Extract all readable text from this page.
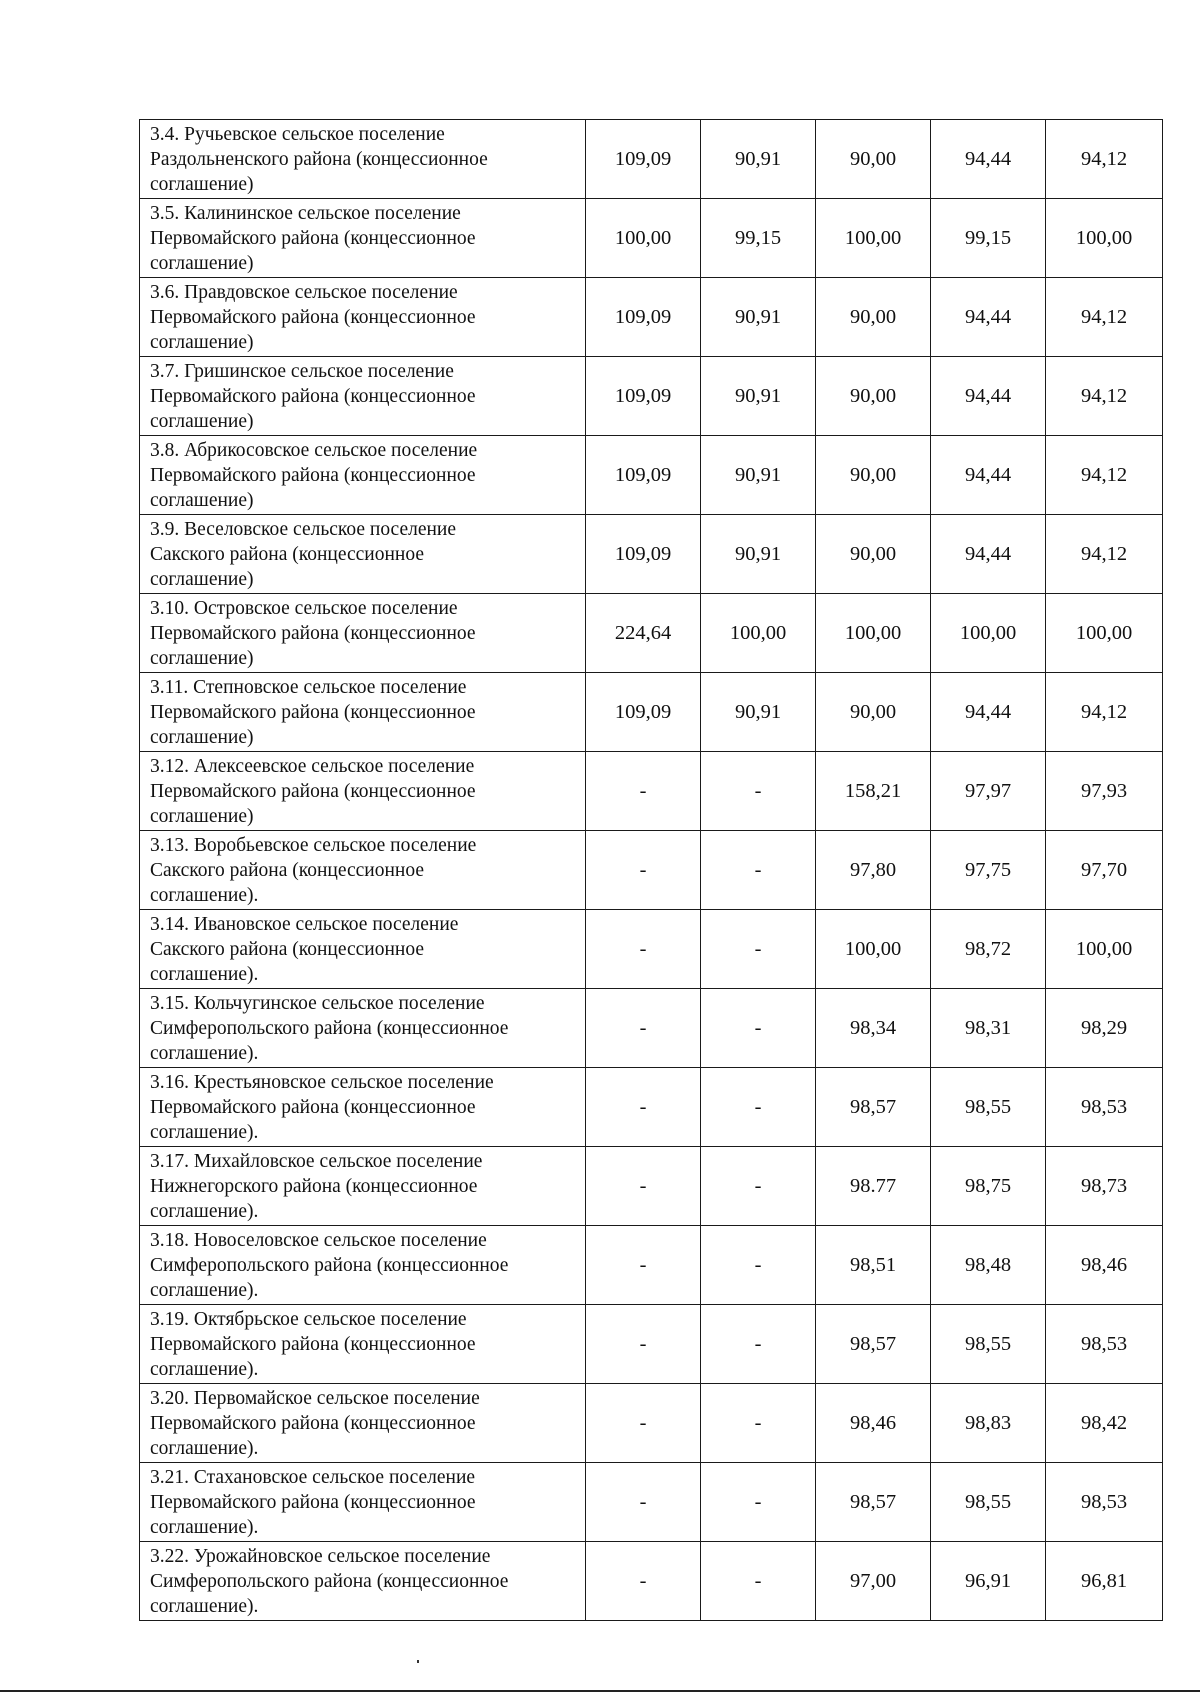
3.4. Ручьевское сельское поселение
Раздольненского района (концессионное
соглашение)	109,09	90,91	90,00	94,44	94,12

3.5. Калининское сельское поселение
Первомайского района (концессионное
соглашение)	100,00	99,15	100,00	99,15	100,00

3.6. Правдовское сельское поселение
Первомайского района (концессионное
соглашение)	109,09	90,91	90,00	94,44	94,12

3.7. Гришинское сельское поселение
Первомайского района (концессионное
соглашение)	109,09	90,91	90,00	94,44	94,12

3.8. Абрикосовское сельское поселение
Первомайского района (концессионное
соглашение)	109,09	90,91	90,00	94,44	94,12

3.9. Веселовское сельское поселение
Сакского района (концессионное
соглашение)	109,09	90,91	90,00	94,44	94,12

3.10. Островское сельское поселение
Первомайского района (концессионное
соглашение)	224,64	100,00	100,00	100,00	100,00

3.11. Степновское сельское поселение
Первомайского района (концессионное
соглашение)	109,09	90,91	90,00	94,44	94,12

3.12. Алексеевское сельское поселение
Первомайского района (концессионное
соглашение)	-	-	158,21	97,97	97,93

3.13. Воробьевское сельское поселение
Сакского района (концессионное
соглашение).	-	-	97,80	97,75	97,70

3.14. Ивановское сельское поселение
Сакского района (концессионное
соглашение).	-	-	100,00	98,72	100,00

3.15. Кольчугинское сельское поселение
Симферопольского района (концессионное
соглашение).	-	-	98,34	98,31	98,29

3.16. Крестьяновское сельское поселение
Первомайского района (концессионное
соглашение).	-	-	98,57	98,55	98,53

3.17. Михайловское сельское поселение
Нижнегорского района (концессионное
соглашение).	-	-	98.77	98,75	98,73

3.18. Новоселовское сельское поселение
Симферопольского района (концессионное
соглашение).	-	-	98,51	98,48	98,46

3.19. Октябрьское сельское поселение
Первомайского района (концессионное
соглашение).	-	-	98,57	98,55	98,53

3.20. Первомайское сельское поселение
Первомайского района (концессионное
соглашение).	-	-	98,46	98,83	98,42

3.21. Стахановское сельское поселение
Первомайского района (концессионное
соглашение).	-	-	98,57	98,55	98,53

3.22. Урожайновское сельское поселение
Симферопольского района (концессионное
соглашение).	-	-	97,00	96,91	96,81
